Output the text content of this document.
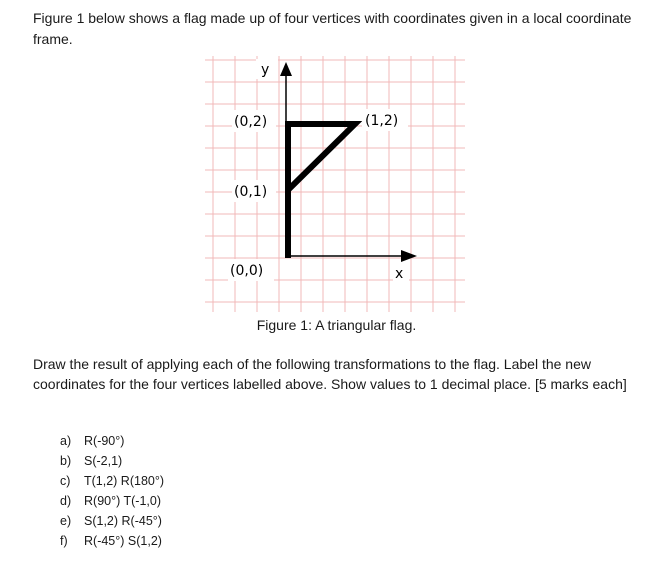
Figure 1 below shows a flag made up of four vertices with coordinates given in a local coordinate frame.

y
x
(0,2)	(1,2)
(0,1)
(0,0)

Figure 1: A triangular flag.

Draw the result of applying each of the following transformations to the flag. Label the new coordinates for the four vertices labelled above. Show values to 1 decimal place. [5 marks each]

a)	R(-90°)
b)	S(-2,1)
c)	T(1,2) R(180°)
d)	R(90°) T(-1,0)
e)	S(1,2) R(-45°)
f)	R(-45°) S(1,2)
